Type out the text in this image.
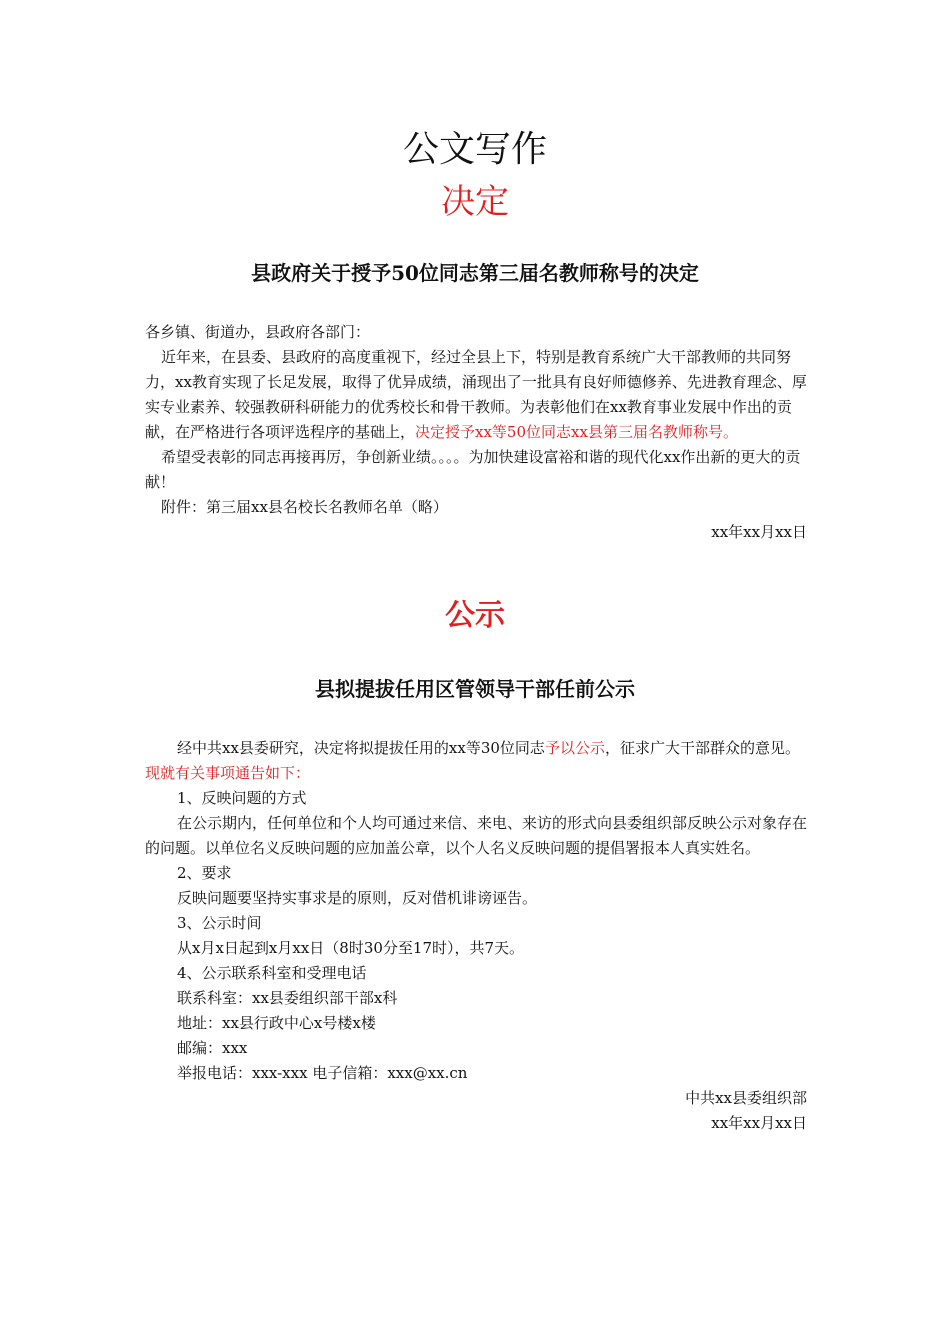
公文写作
决定
县政府关于授予50位同志第三届名教师称号的决定

各乡镇、街道办，县政府各部门：

近年来，在县委、县政府的高度重视下，经过全县上下，特别是教育系统广大干部教师的共同努力，xx教育实现了长足发展，取得了优异成绩，涌现出了一批具有良好师德修养、先进教育理念、厚实专业素养、较强教研科研能力的优秀校长和骨干教师。为表彰他们在xx教育事业发展中作出的贡献，在严格进行各项评选程序的基础上，决定授予xx等50位同志xx县第三届名教师称号。

希望受表彰的同志再接再厉，争创新业绩。。。。为加快建设富裕和谐的现代化xx作出新的更大的贡献！

附件：第三届xx县名校长名教师名单（略）

xx年xx月xx日

公示
县拟提拔任用区管领导干部任前公示

经中共xx县委研究，决定将拟提拔任用的xx等30位同志予以公示，征求广大干部群众的意见。现就有关事项通告如下：

1、反映问题的方式

在公示期内，任何单位和个人均可通过来信、来电、来访的形式向县委组织部反映公示对象存在的问题。以单位名义反映问题的应加盖公章，以个人名义反映问题的提倡署报本人真实姓名。

2、要求

反映问题要坚持实事求是的原则，反对借机诽谤诬告。

3、公示时间

从x月x日起到x月xx日（8时30分至17时），共7天。

4、公示联系科室和受理电话

联系科室：xx县委组织部干部x科

地址：xx县行政中心x号楼x楼

邮编：xxx

举报电话：xxx-xxx 电子信箱：xxx@xx.cn

中共xx县委组织部

xx年xx月xx日
